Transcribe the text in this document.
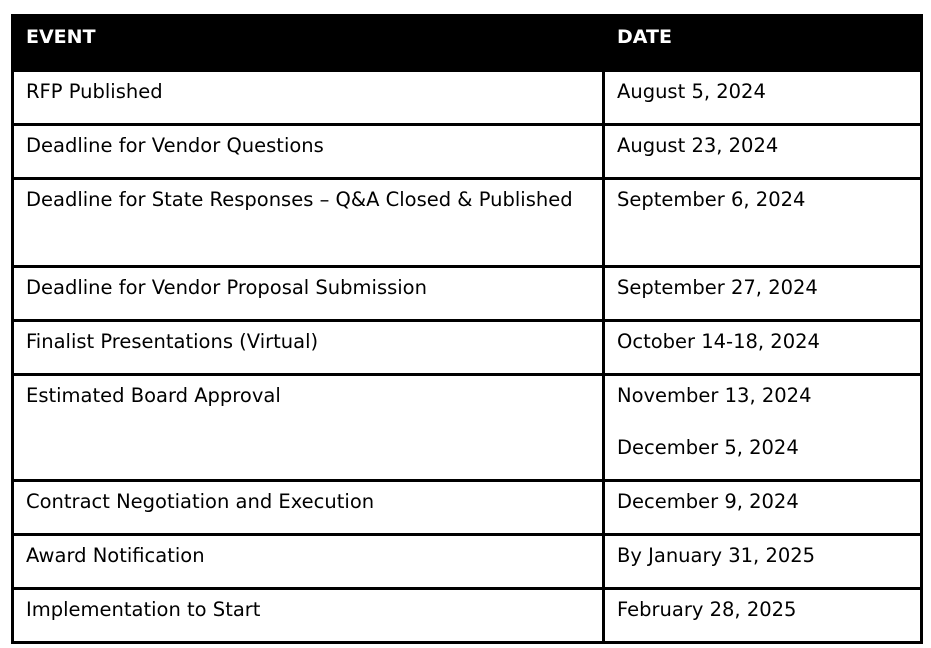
EVENT	DATE
RFP Published	August 5, 2024

Deadline for Vendor Questions	August 23, 2024

Deadline for State Responses – Q&A Closed & Published	September 6, 2024

Deadline for Vendor Proposal Submission	September 27, 2024

Finalist Presentations (Virtual)	October 14-18, 2024

Estimated Board Approval	November 13, 2024
December 5, 2024

Contract Negotiation and Execution	December 9, 2024

Award Notification	By January 31, 2025

Implementation to Start	February 28, 2025
